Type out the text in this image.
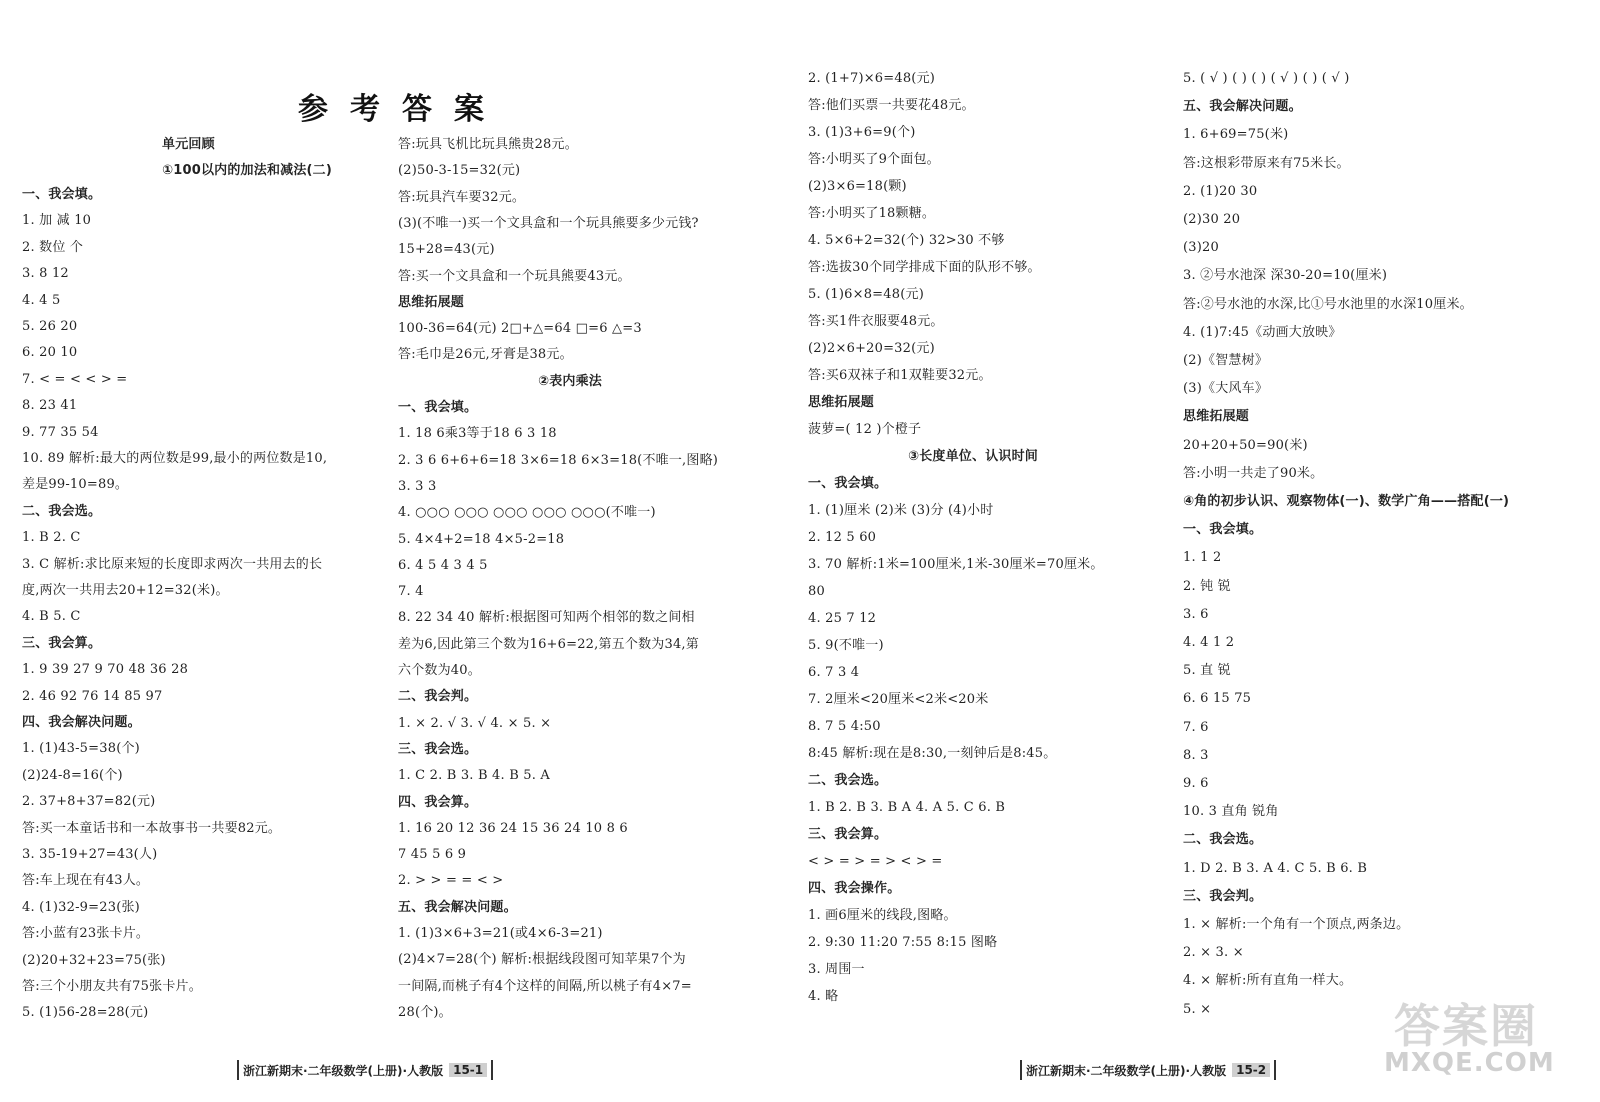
参考答案
单元回顾
①100以内的加法和减法(二)
一、我会填。
1. 加 减 10
2. 数位 个
3. 8 12
4. 4 5
5. 26 20
6. 20 10
7. < = < < > =
8. 23 41
9. 77 35 54
10. 89 解析:最大的两位数是99,最小的两位数是10,
差是99-10=89。
二、我会选。
1. B 2. C
3. C 解析:求比原来短的长度即求两次一共用去的长
度,两次一共用去20+12=32(米)。
4. B 5. C
三、我会算。
1. 9 39 27 9 70 48 36 28
2. 46 92 76 14 85 97
四、我会解决问题。
1. (1)43-5=38(个)
(2)24-8=16(个)
2. 37+8+37=82(元)
答:买一本童话书和一本故事书一共要82元。
3. 35-19+27=43(人)
答:车上现在有43人。
4. (1)32-9=23(张)
答:小蓝有23张卡片。
(2)20+32+23=75(张)
答:三个小朋友共有75张卡片。
5. (1)56-28=28(元)
答:玩具飞机比玩具熊贵28元。
(2)50-3-15=32(元)
答:玩具汽车要32元。
(3)(不唯一)买一个文具盒和一个玩具熊要多少元钱?
15+28=43(元)
答:买一个文具盒和一个玩具熊要43元。
思维拓展题
100-36=64(元) 2□+△=64 □=6 △=3
答:毛巾是26元,牙膏是38元。
②表内乘法
一、我会填。
1. 18 6乘3等于18 6 3 18
2. 3 6 6+6+6=18 3×6=18 6×3=18(不唯一,图略)
3. 3 3
4. ○○○ ○○○ ○○○ ○○○ ○○○(不唯一)
5. 4×4+2=18 4×5-2=18
6. 4 5 4 3 4 5
7. 4
8. 22 34 40 解析:根据图可知两个相邻的数之间相
差为6,因此第三个数为16+6=22,第五个数为34,第
六个数为40。
二、我会判。
1. × 2. √ 3. √ 4. × 5. ×
三、我会选。
1. C 2. B 3. B 4. B 5. A
四、我会算。
1. 16 20 12 36 24 15 36 24 10 8 6
7 45 5 6 9
2. > > = = < >
五、我会解决问题。
1. (1)3×6+3=21(或4×6-3=21)
(2)4×7=28(个) 解析:根据线段图可知苹果7个为
一间隔,而桃子有4个这样的间隔,所以桃子有4×7=
28(个)。
2. (1+7)×6=48(元)
答:他们买票一共要花48元。
3. (1)3+6=9(个)
答:小明买了9个面包。
(2)3×6=18(颗)
答:小明买了18颗糖。
4. 5×6+2=32(个) 32>30 不够
答:选拔30个同学排成下面的队形不够。
5. (1)6×8=48(元)
答:买1件衣服要48元。
(2)2×6+20=32(元)
答:买6双袜子和1双鞋要32元。
思维拓展题
菠萝=( 12 )个橙子
③长度单位、认识时间
一、我会填。
1. (1)厘米 (2)米 (3)分 (4)小时
2. 12 5 60
3. 70 解析:1米=100厘米,1米-30厘米=70厘米。
80
4. 25 7 12
5. 9(不唯一)
6. 7 3 4
7. 2厘米<20厘米<2米<20米
8. 7 5 4:50
8:45 解析:现在是8:30,一刻钟后是8:45。
二、我会选。
1. B 2. B 3. B A 4. A 5. C 6. B
三、我会算。
< > = > = > < > =
四、我会操作。
1. 画6厘米的线段,图略。
2. 9:30 11:20 7:55 8:15 图略
3. 周围一
4. 略
5. ( √ ) ( ) ( ) ( √ ) ( ) ( √ )
五、我会解决问题。
1. 6+69=75(米)
答:这根彩带原来有75米长。
2. (1)20 30
(2)30 20
(3)20
3. ②号水池深 深30-20=10(厘米)
答:②号水池的水深,比①号水池里的水深10厘米。
4. (1)7:45《动画大放映》
(2)《智慧树》
(3)《大风车》
思维拓展题
20+20+50=90(米)
答:小明一共走了90米。
④角的初步认识、观察物体(一)、数学广角——搭配(一)
一、我会填。
1. 1 2
2. 钝 锐
3. 6
4. 4 1 2
5. 直 锐
6. 6 15 75
7. 6
8. 3
9. 6
10. 3 直角 锐角
二、我会选。
1. D 2. B 3. A 4. C 5. B 6. B
三、我会判。
1. × 解析:一个角有一个顶点,两条边。
2. × 3. ×
4. × 解析:所有直角一样大。
5. ×
浙江新期末·二年级数学(上册)·人教版 15-1	浙江新期末·二年级数学(上册)·人教版 15-2
答案圈
MXQE.COM
